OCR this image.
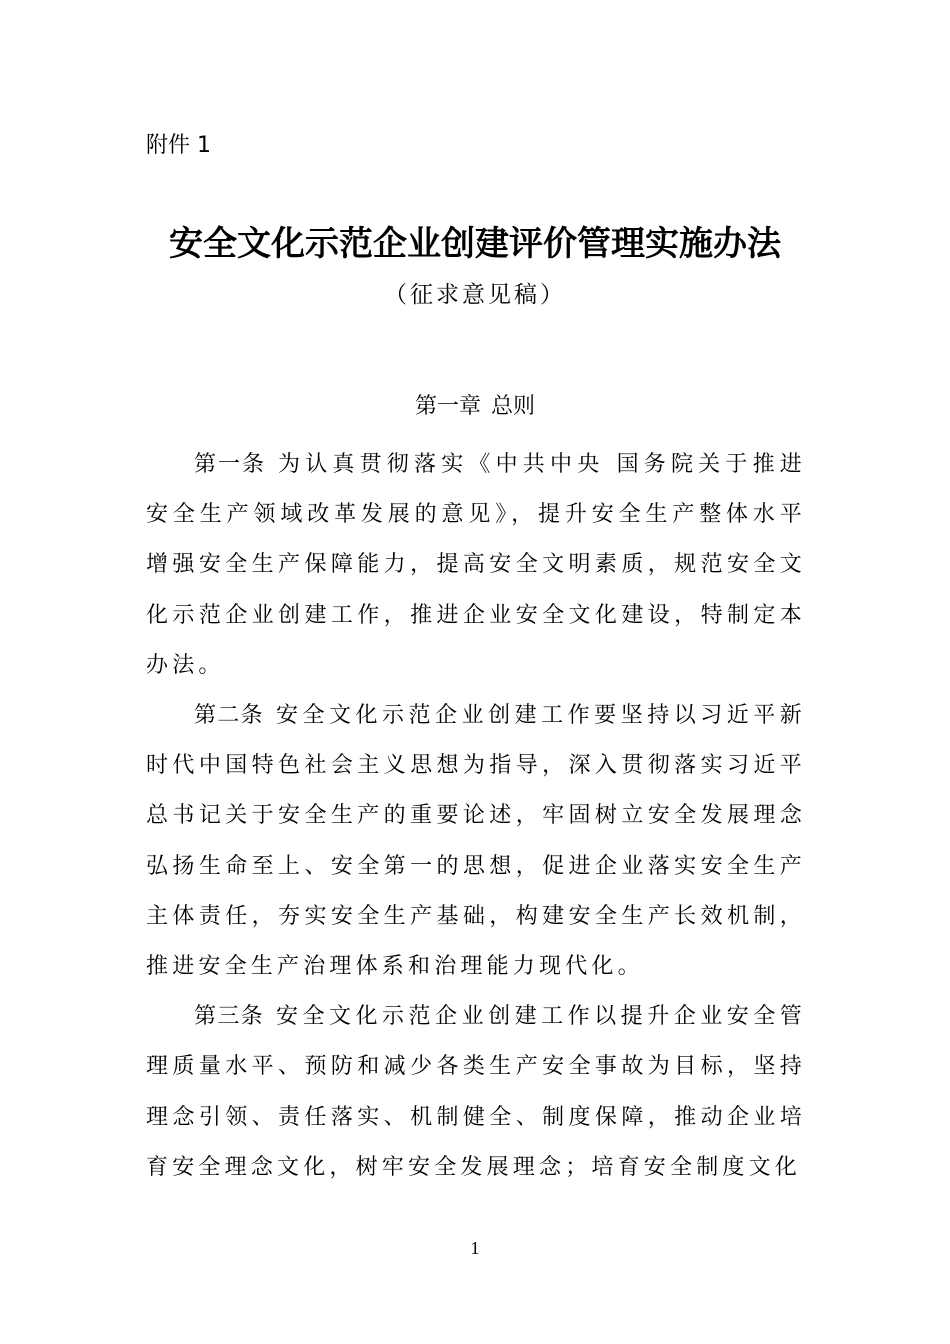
附件 1
安全文化示范企业创建评价管理实施办法
（征求意见稿）
第一章 总则

第一条 为认真贯彻落实《中共中央 国务院关于推进安全生产领域改革发展的意见》，提升安全生产整体水平增强安全生产保障能力，提高安全文明素质，规范安全文化示范企业创建工作，推进企业安全文化建设，特制定本办法。

第二条 安全文化示范企业创建工作要坚持以习近平新时代中国特色社会主义思想为指导，深入贯彻落实习近平总书记关于安全生产的重要论述，牢固树立安全发展理念弘扬生命至上、安全第一的思想，促进企业落实安全生产主体责任，夯实安全生产基础，构建安全生产长效机制，推进安全生产治理体系和治理能力现代化。

第三条 安全文化示范企业创建工作以提升企业安全管理质量水平、预防和减少各类生产安全事故为目标，坚持理念引领、责任落实、机制健全、制度保障，推动企业培育安全理念文化，树牢安全发展理念；培育安全制度文化

1
